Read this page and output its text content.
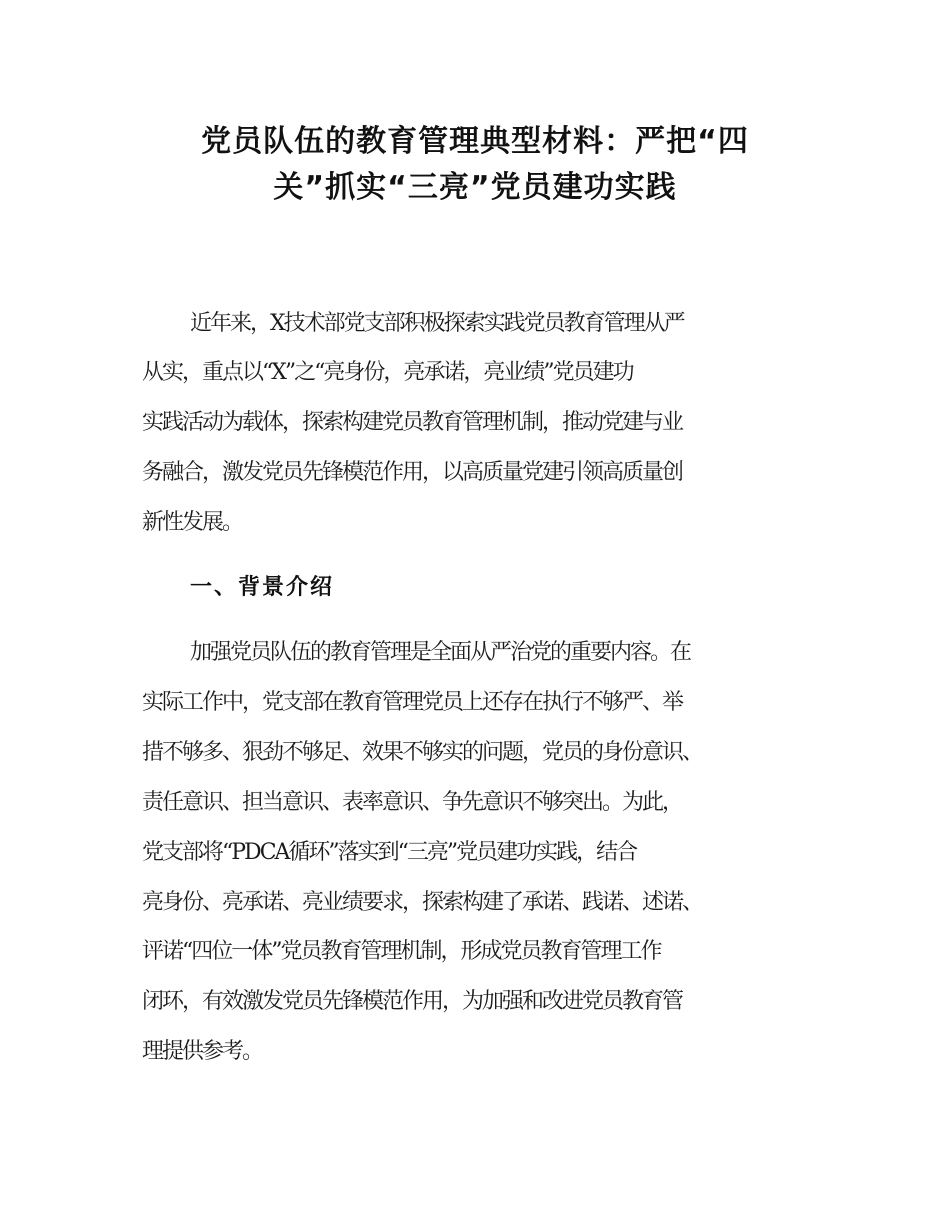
党员队伍的教育管理典型材料：严把“四
关”抓实“三亮”党员建功实践
近年来，X技术部党支部积极探索实践党员教育管理从严
从实，重点以“X”之“亮身份，亮承诺，亮业绩”党员建功
实践活动为载体，探索构建党员教育管理机制，推动党建与业
务融合，激发党员先锋模范作用，以高质量党建引领高质量创
新性发展。
一、背景介绍
加强党员队伍的教育管理是全面从严治党的重要内容。在
实际工作中，党支部在教育管理党员上还存在执行不够严、举
措不够多、狠劲不够足、效果不够实的问题，党员的身份意识、
责任意识、担当意识、表率意识、争先意识不够突出。为此，
党支部将“PDCA循环”落实到“三亮”党员建功实践，结合
亮身份、亮承诺、亮业绩要求，探索构建了承诺、践诺、述诺、
评诺“四位一体”党员教育管理机制，形成党员教育管理工作
闭环，有效激发党员先锋模范作用，为加强和改进党员教育管
理提供参考。
